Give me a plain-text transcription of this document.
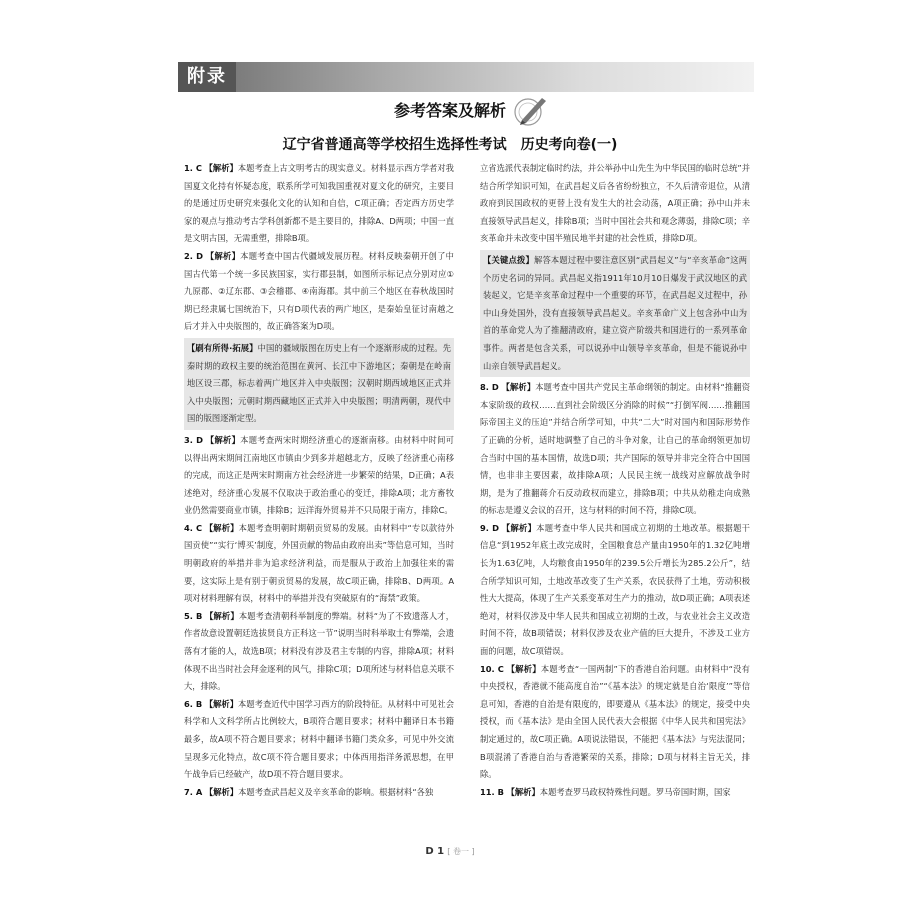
附录
参考答案及解析
辽宁省普通高等学校招生选择性考试　历史考向卷(一)

1. C 【解析】本题考查上古文明考古的现实意义。材料显示西方学者对我国夏文化持有怀疑态度，联系所学可知我国重视对夏文化的研究，主要目的是通过历史研究来强化文化的认知和自信，C项正确；否定西方历史学家的观点与推动考古学科创新都不是主要目的，排除A、D两项；中国一直是文明古国，无需重塑，排除B项。

2. D 【解析】本题考查中国古代疆域发展历程。材料反映秦朝开创了中国古代第一个统一多民族国家，实行郡县制，如图所示标记点分别对应①九原郡、②辽东郡、③会稽郡、④南海郡。其中前三个地区在春秋战国时期已经隶属七国统治下，只有D项代表的两广地区，是秦始皇征讨南越之后才并入中央版图的，故正确答案为D项。

【刷有所得·拓展】中国的疆域版图在历史上有一个逐渐形成的过程。先秦时期的政权主要的统治范围在黄河、长江中下游地区；秦朝是在岭南地区设三郡，标志着两广地区并入中央版图；汉朝时期西域地区正式并入中央版图；元朝时期西藏地区正式并入中央版图；明清两朝，现代中国的版图逐渐定型。

3. D 【解析】本题考查两宋时期经济重心的逐渐南移。由材料中时间可以得出两宋期间江南地区市镇由少到多并超越北方，反映了经济重心南移的完成，而这正是两宋时期南方社会经济进一步繁荣的结果，D正确；A表述绝对，经济重心发展不仅取决于政治重心的变迁，排除A项；北方畜牧业仍然需要商业市镇，排除B；远洋海外贸易并不只局限于南方，排除C。

4. C 【解析】本题考查明朝时期朝贡贸易的发展。由材料中“专以款待外国贡使”“实行‘博买’制度，外国贡献的物品由政府出卖”等信息可知，当时明朝政府的举措并非为追求经济利益，而是服从于政治上加强往来的需要，这实际上是有别于朝贡贸易的发展，故C项正确，排除B、D两项。A项对材料理解有误，材料中的举措并没有突破原有的“海禁”政策。

5. B 【解析】本题考查清朝科举制度的弊端。材料“为了不致遗落人才，作者故意设置朝廷选拔贤良方正科这一节”说明当时科举取士有弊端，会遗落有才能的人，故选B项；材料没有涉及君主专制的内容，排除A项；材料体现不出当时社会拜金逐利的风气，排除C项；D项所述与材料信息关联不大，排除。

6. B 【解析】本题考查近代中国学习西方的阶段特征。从材料中可见社会科学和人文科学所占比例较大，B项符合题目要求；材料中翻译日本书籍最多，故A项不符合题目要求；材料中翻译书籍门类众多，可见中外交流呈现多元化特点，故C项不符合题目要求；中体西用指洋务派思想，在甲午战争后已经破产，故D项不符合题目要求。

7. A 【解析】本题考查武昌起义及辛亥革命的影响。根据材料“各独

立省选派代表制定临时约法，并公举孙中山先生为中华民国的临时总统”并结合所学知识可知，在武昌起义后各省纷纷独立，不久后清帝退位，从清政府到民国政权的更替上没有发生大的社会动荡，A项正确；孙中山并未直接领导武昌起义，排除B项；当时中国社会共和观念薄弱，排除C项；辛亥革命并未改变中国半殖民地半封建的社会性质，排除D项。

【关键点拨】解答本题过程中要注意区别“武昌起义”与“辛亥革命”这两个历史名词的异同。武昌起义指1911年10月10日爆发于武汉地区的武装起义，它是辛亥革命过程中一个重要的环节，在武昌起义过程中，孙中山身处国外，没有直接领导武昌起义。辛亥革命广义上包含孙中山为首的革命党人为了推翻清政府，建立资产阶级共和国进行的一系列革命事件。两者是包含关系，可以说孙中山领导辛亥革命，但是不能说孙中山亲自领导武昌起义。

8. D 【解析】本题考查中国共产党民主革命纲领的制定。由材料“推翻资本家阶级的政权……直到社会阶级区分消除的时候”“打倒军阀……推翻国际帝国主义的压迫”并结合所学可知，中共“二大”时对国内和国际形势作了正确的分析，适时地调整了自己的斗争对象，让自己的革命纲领更加切合当时中国的基本国情，故选D项；共产国际的领导并非完全符合中国国情，也非非主要因素，故排除A项；人民民主统一战线对应解放战争时期，是为了推翻蒋介石反动政权而建立，排除B项；中共从幼稚走向成熟的标志是遵义会议的召开，这与材料的时间不符，排除C项。

9. D 【解析】本题考查中华人民共和国成立初期的土地改革。根据题干信息“到1952年底土改完成时，全国粮食总产量由1950年的1.32亿吨增长为1.63亿吨，人均粮食由1950年的239.5公斤增长为285.2公斤”，结合所学知识可知，土地改革改变了生产关系，农民获得了土地，劳动积极性大大提高，体现了生产关系变革对生产力的推动，故D项正确；A项表述绝对，材料仅涉及中华人民共和国成立初期的土改，与农业社会主义改造时间不符，故B项错误；材料仅涉及农业产值的巨大提升，不涉及工业方面的问题，故C项错误。

10. C 【解析】本题考查“一国两制”下的香港自治问题。由材料中“没有中央授权，香港就不能高度自治”“《基本法》的规定就是自治‘限度’”等信息可知，香港的自治是有限度的，即要遵从《基本法》的规定，接受中央授权，而《基本法》是由全国人民代表大会根据《中华人民共和国宪法》制定通过的，故C项正确。A项说法错误，不能把《基本法》与宪法混同；B项混淆了香港自治与香港繁荣的关系，排除；D项与材料主旨无关，排除。

11. B 【解析】本题考查罗马政权特殊性问题。罗马帝国时期，国家

D 1 [ 卷一 ]
